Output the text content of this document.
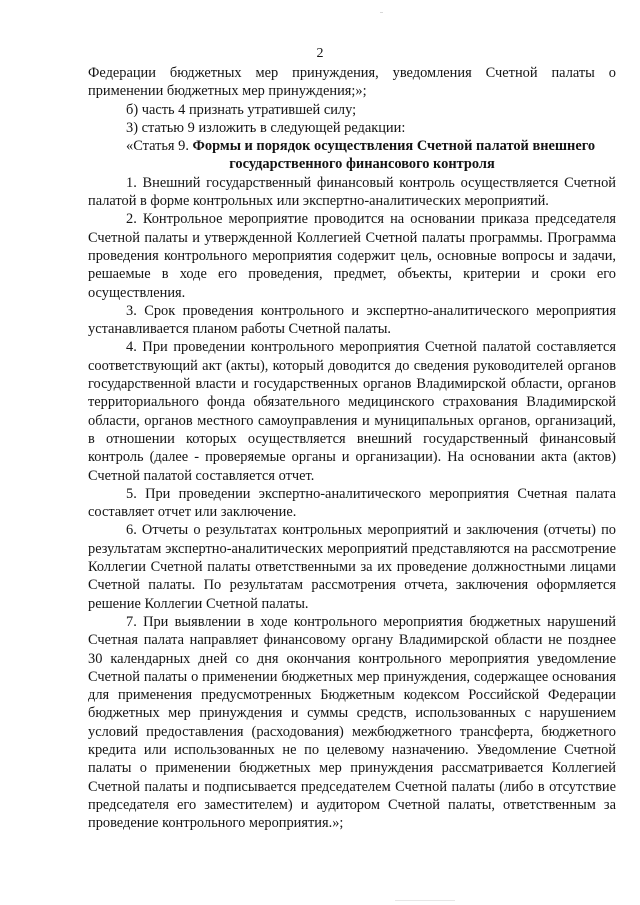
2

Федерации бюджетных мер принуждения, уведомления Счетной палаты о применении бюджетных мер принуждения;»;

б) часть 4 признать утратившей силу;

3) статью 9 изложить в следующей редакции:

«Статья 9. Формы и порядок осуществления Счетной палатой внешнего

государственного финансового контроля

1. Внешний государственный финансовый контроль осуществляется Счетной палатой в форме контрольных или экспертно-аналитических мероприятий.

2. Контрольное мероприятие проводится на основании приказа председателя Счетной палаты и утвержденной Коллегией Счетной палаты программы. Программа проведения контрольного мероприятия содержит цель, основные вопросы и задачи, решаемые в ходе его проведения, предмет, объекты, критерии и сроки его осуществления.

3. Срок проведения контрольного и экспертно-аналитического мероприятия устанавливается планом работы Счетной палаты.

4. При проведении контрольного мероприятия Счетной палатой составляется соответствующий акт (акты), который доводится до сведения руководителей органов государственной власти и государственных органов Владимирской области, органов территориального фонда обязательного медицинского страхования Владимирской области, органов местного самоуправления и муниципальных органов, организаций, в отношении которых осуществляется внешний государственный финансовый контроль (далее - проверяемые органы и организации). На основании акта (актов) Счетной палатой составляется отчет.

5. При проведении экспертно-аналитического мероприятия Счетная палата составляет отчет или заключение.

6. Отчеты о результатах контрольных мероприятий и заключения (отчеты) по результатам экспертно-аналитических мероприятий представляются на рассмотрение Коллегии Счетной палаты ответственными за их проведение должностными лицами Счетной палаты. По результатам рассмотрения отчета, заключения оформляется решение Коллегии Счетной палаты.

7. При выявлении в ходе контрольного мероприятия бюджетных нарушений Счетная палата направляет финансовому органу Владимирской области не позднее 30 календарных дней со дня окончания контрольного мероприятия уведомление Счетной палаты о применении бюджетных мер принуждения, содержащее основания для применения предусмотренных Бюджетным кодексом Российской Федерации бюджетных мер принуждения и суммы средств, использованных с нарушением условий предоставления (расходования) межбюджетного трансферта, бюджетного кредита или использованных не по целевому назначению. Уведомление Счетной палаты о применении бюджетных мер принуждения рассматривается Коллегией Счетной палаты и подписывается председателем Счетной палаты (либо в отсутствие председателя его заместителем) и аудитором Счетной палаты, ответственным за проведение контрольного мероприятия.»;
